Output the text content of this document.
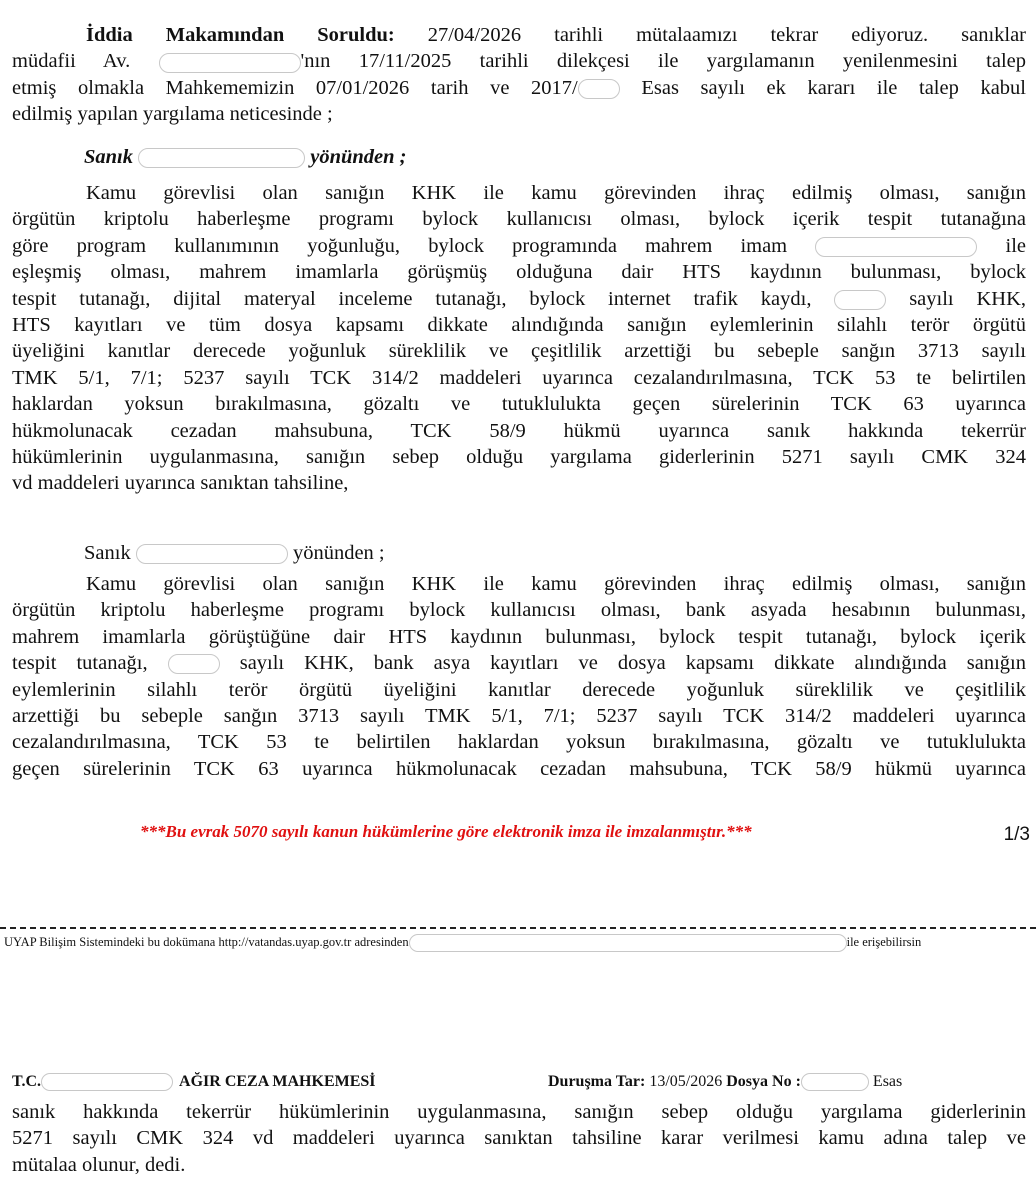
İddia Makamından Soruldu: 27/04/2026 tarihli mütalaamızı tekrar ediyoruz. sanıklar
müdafii Av.	'nın 17/11/2025 tarihli dilekçesi ile yargılamanın yenilenmesini talep
etmiş olmakla Mahkememizin 07/01/2026 tarih ve 2017/	Esas sayılı ek kararı ile talep kabul
edilmiş yapılan yargılama neticesinde ;
Sanık	yönünden ;
Kamu görevlisi olan sanığın KHK ile kamu görevinden ihraç edilmiş olması, sanığın
örgütün kriptolu haberleşme programı bylock kullanıcısı olması, bylock içerik tespit tutanağına
göre program kullanımının yoğunluğu, bylock programında mahrem imam	ile
eşleşmiş olması, mahrem imamlarla görüşmüş olduğuna dair HTS kaydının bulunması, bylock
tespit tutanağı, dijital materyal inceleme tutanağı, bylock internet trafik kaydı,	sayılı KHK,
HTS kayıtları ve tüm dosya kapsamı dikkate alındığında sanığın eylemlerinin silahlı terör örgütü
üyeliğini kanıtlar derecede yoğunluk süreklilik ve çeşitlilik arzettiği bu sebeple sanğın 3713 sayılı
TMK 5/1, 7/1; 5237 sayılı TCK 314/2 maddeleri uyarınca cezalandırılmasına, TCK 53 te belirtilen
haklardan yoksun bırakılmasına, gözaltı ve tutuklulukta geçen sürelerinin TCK 63 uyarınca
hükmolunacak cezadan mahsubuna, TCK 58/9 hükmü uyarınca sanık hakkında tekerrür
hükümlerinin uygulanmasına, sanığın sebep olduğu yargılama giderlerinin 5271 sayılı CMK 324
vd maddeleri uyarınca sanıktan tahsiline,
Sanık	yönünden ;
Kamu görevlisi olan sanığın KHK ile kamu görevinden ihraç edilmiş olması, sanığın
örgütün kriptolu haberleşme programı bylock kullanıcısı olması, bank asyada hesabının bulunması,
mahrem imamlarla görüştüğüne dair HTS kaydının bulunması, bylock tespit tutanağı, bylock içerik
tespit tutanağı,	sayılı KHK, bank asya kayıtları ve dosya kapsamı dikkate alındığında sanığın
eylemlerinin silahlı terör örgütü üyeliğini kanıtlar derecede yoğunluk süreklilik ve çeşitlilik
arzettiği bu sebeple sanğın 3713 sayılı TMK 5/1, 7/1; 5237 sayılı TCK 314/2 maddeleri uyarınca
cezalandırılmasına, TCK 53 te belirtilen haklardan yoksun bırakılmasına, gözaltı ve tutuklulukta
geçen sürelerinin TCK 63 uyarınca hükmolunacak cezadan mahsubuna, TCK 58/9 hükmü uyarınca
***Bu evrak 5070 sayılı kanun hükümlerine göre elektronik imza ile imzalanmıştır.***	1/3
UYAP Bilişim Sistemindeki bu dokümana http://vatandas.uyap.gov.tr adresinden	ile erişebilirsin
T.C.	AĞIR CEZA MAHKEMESİ	Duruşma Tar: 13/05/2026 Dosya No :	Esas
sanık hakkında tekerrür hükümlerinin uygulanmasına, sanığın sebep olduğu yargılama giderlerinin
5271 sayılı CMK 324 vd maddeleri uyarınca sanıktan tahsiline karar verilmesi kamu adına talep ve
mütalaa olunur, dedi.
